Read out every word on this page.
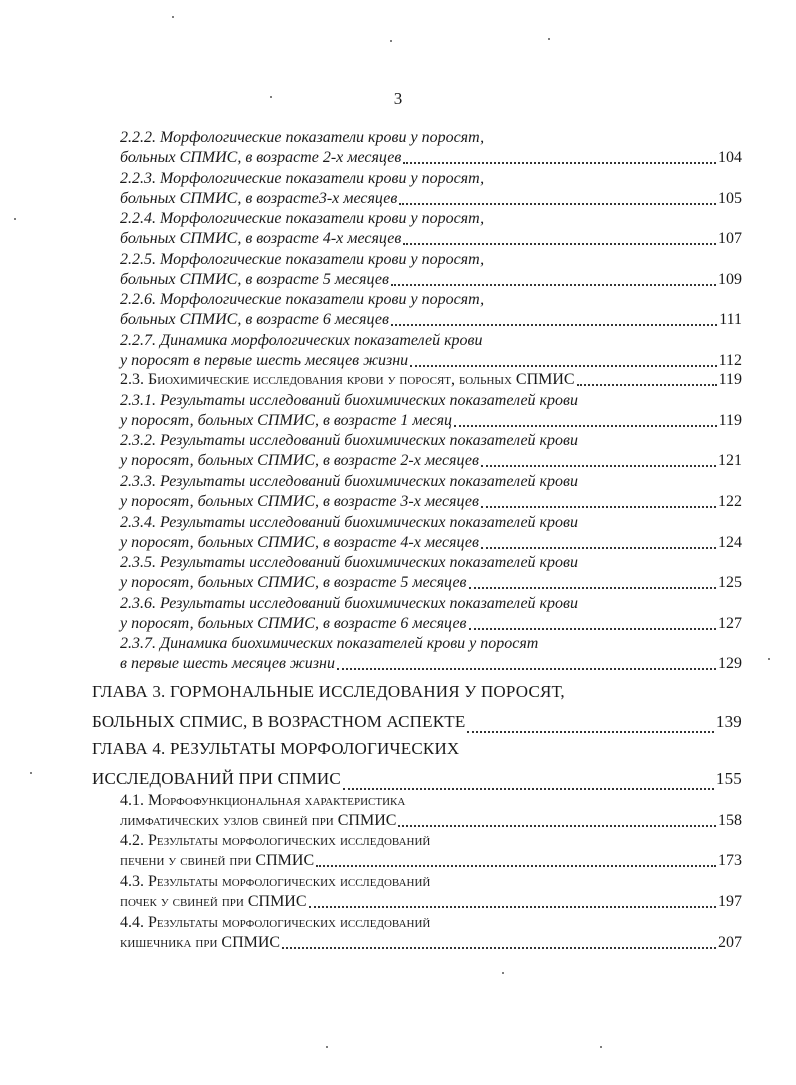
3
2.2.2. Морфологические показатели крови у поросят,
больных СПМИС, в возрасте 2-х месяцев	104
2.2.3. Морфологические показатели крови у поросят,
больных СПМИС, в возрасте3-х месяцев	105
2.2.4. Морфологические показатели крови у поросят,
больных СПМИС, в возрасте 4-х месяцев	107
2.2.5. Морфологические показатели крови у поросят,
больных СПМИС, в возрасте 5 месяцев	109
2.2.6. Морфологические показатели крови у поросят,
больных СПМИС, в возрасте 6 месяцев	111
2.2.7. Динамика морфологических показателей крови
у поросят в первые шесть месяцев жизни	112
2.3. Биохимические исследования крови у поросят, больных СПМИС	119
2.3.1. Результаты исследований биохимических показателей крови
у поросят, больных СПМИС, в возрасте 1 месяц	119
2.3.2. Результаты исследований биохимических показателей крови
у поросят, больных СПМИС, в возрасте 2-х месяцев	121
2.3.3. Результаты исследований биохимических показателей крови
у поросят, больных СПМИС, в возрасте 3-х месяцев	122
2.3.4. Результаты исследований биохимических показателей крови
у поросят, больных СПМИС, в возрасте 4-х месяцев	124
2.3.5. Результаты исследований биохимических показателей крови
у поросят, больных СПМИС, в возрасте 5 месяцев	125
2.3.6. Результаты исследований биохимических показателей крови
у поросят, больных СПМИС, в возрасте 6 месяцев	127
2.3.7. Динамика биохимических показателей крови у поросят
в первые шесть месяцев жизни	129
ГЛАВА 3. ГОРМОНАЛЬНЫЕ ИССЛЕДОВАНИЯ У ПОРОСЯТ,
БОЛЬНЫХ СПМИС, В ВОЗРАСТНОМ АСПЕКТЕ	139
ГЛАВА 4. РЕЗУЛЬТАТЫ МОРФОЛОГИЧЕСКИХ
ИССЛЕДОВАНИЙ ПРИ СПМИС	155
4.1. Морфофункциональная характеристика
лимфатических узлов свиней при СПМИС	158
4.2. Результаты морфологических исследований
печени у свиней при СПМИС	173
4.3. Результаты морфологических исследований
почек у свиней при СПМИС	197
4.4. Результаты морфологических исследований
кишечника при СПМИС	207
